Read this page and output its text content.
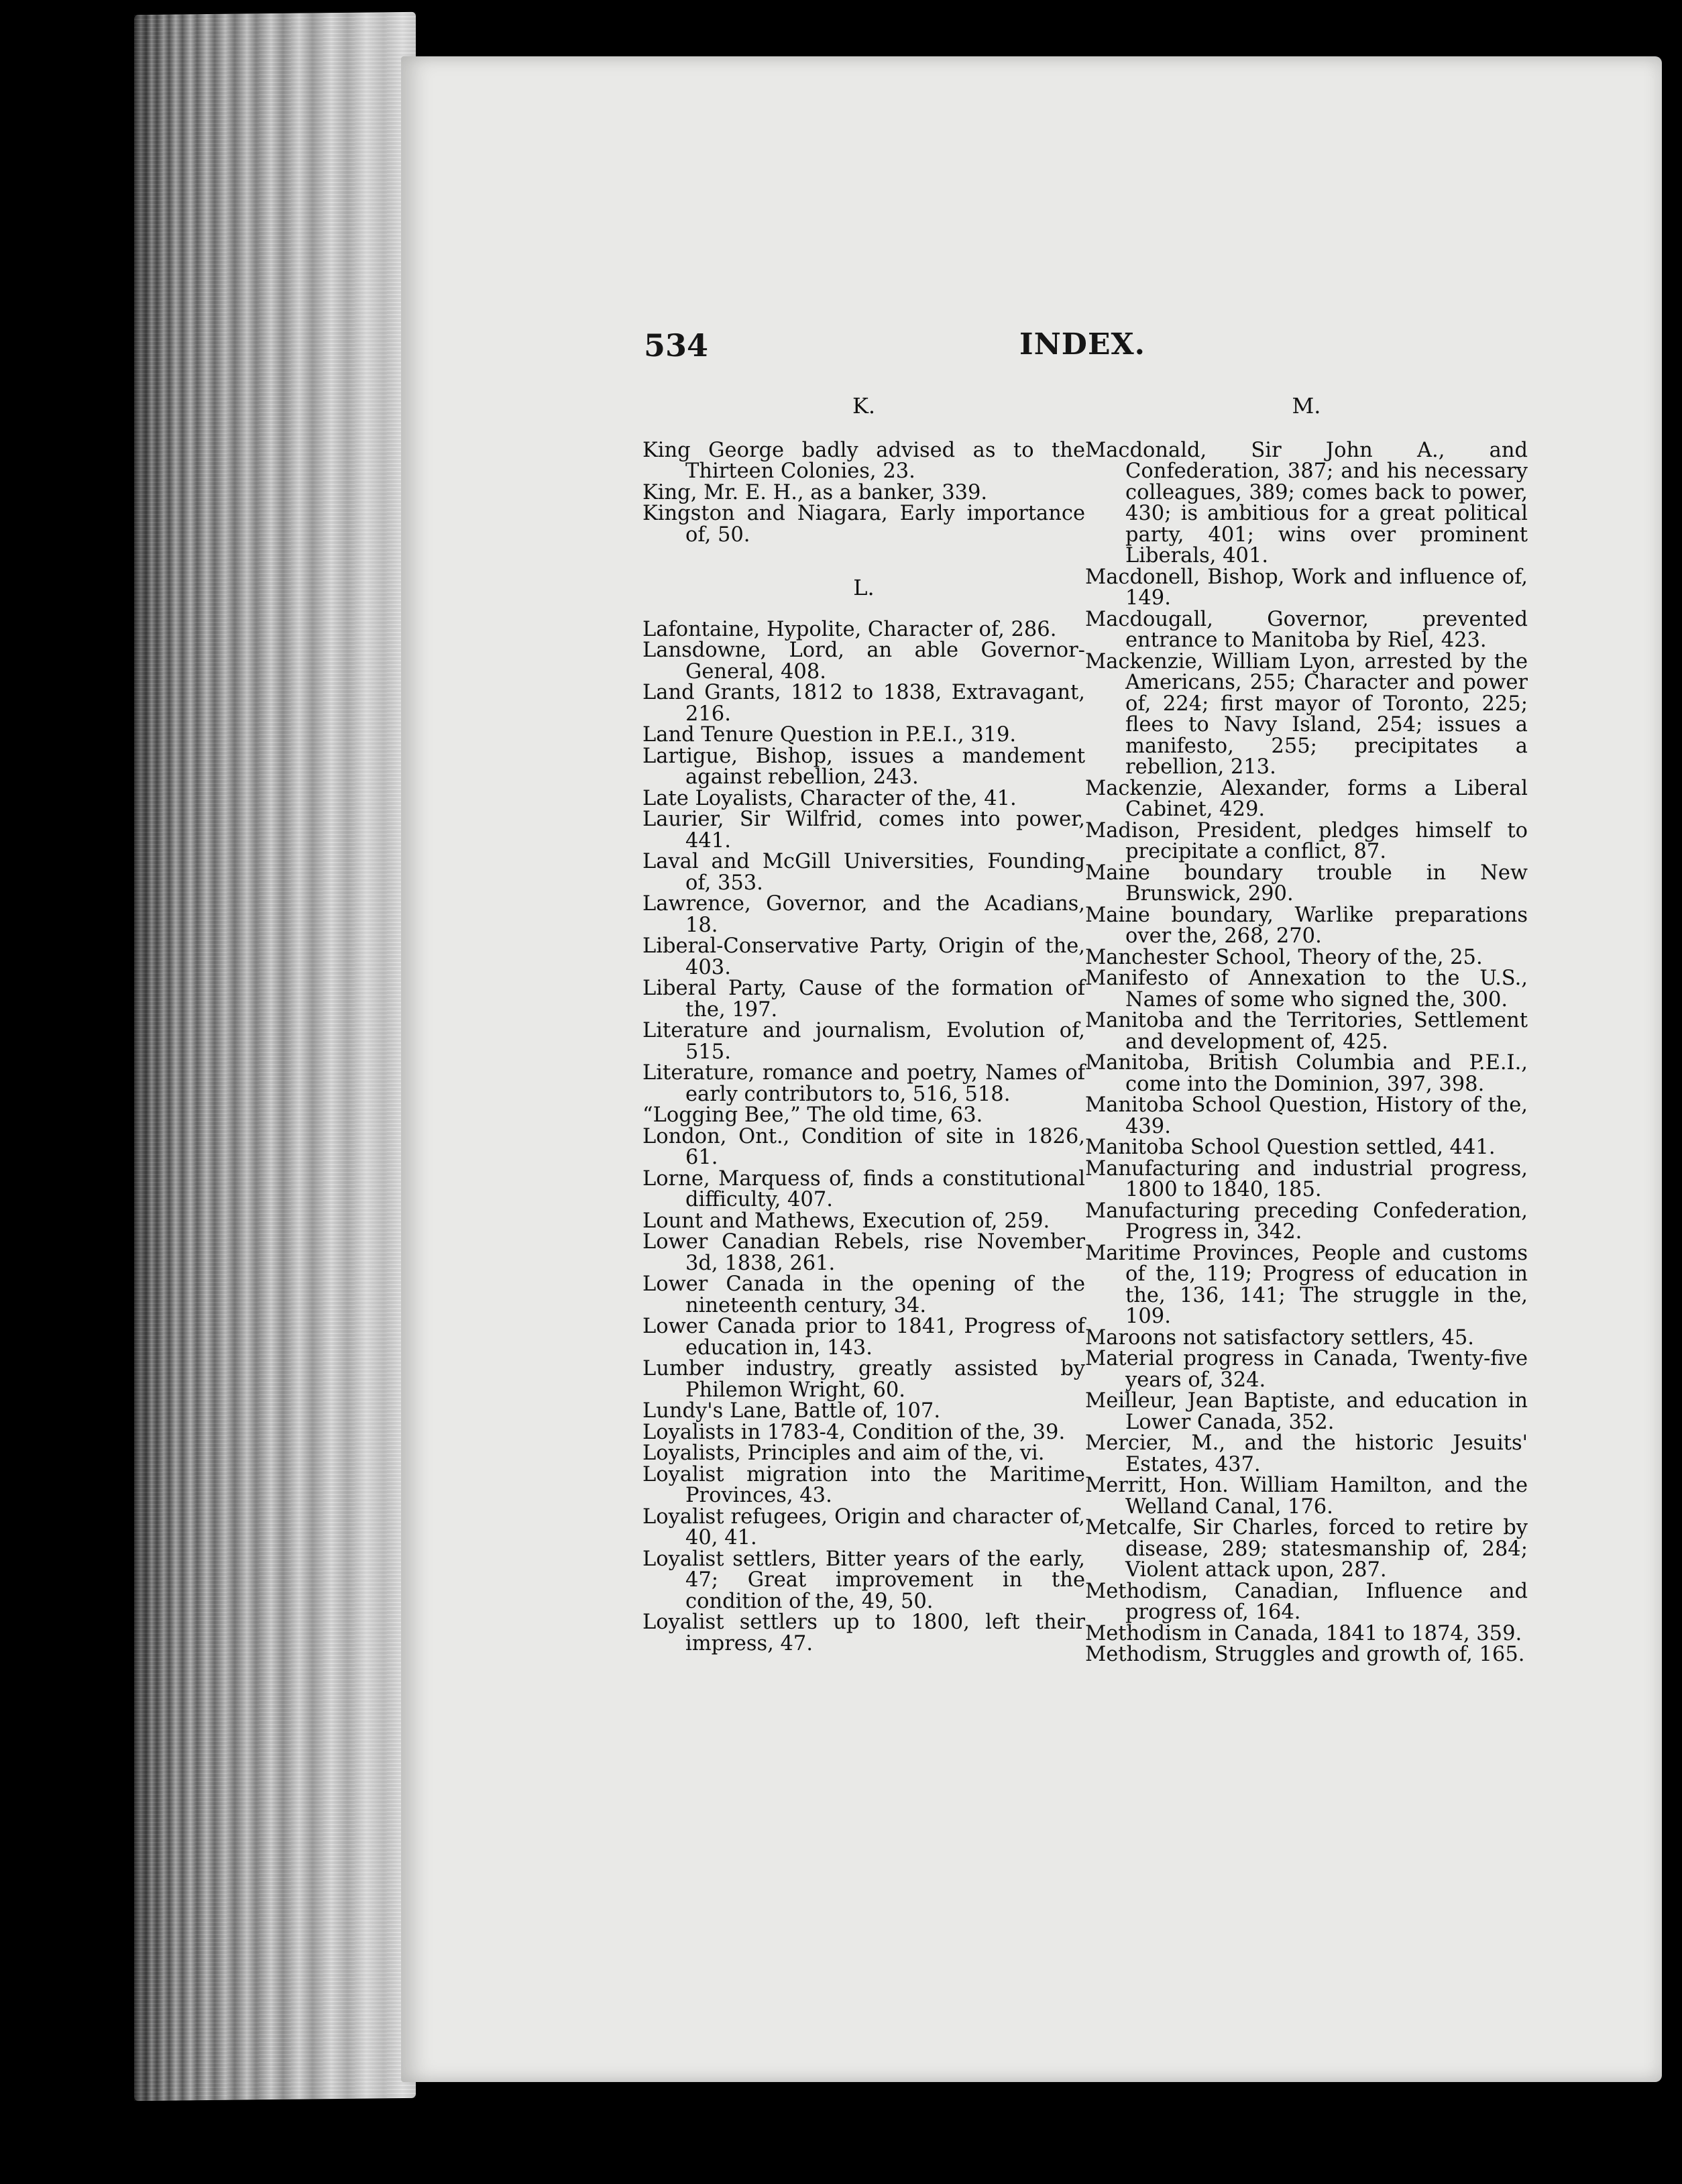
534	INDEX.
K.

King George badly advised as to the Thirteen Colonies, 23.

King, Mr. E. H., as a banker, 339.

Kingston and Niagara, Early importance of, 50.

L.

Lafontaine, Hypolite, Character of, 286.

Lansdowne, Lord, an able Governor-General, 408.

Land Grants, 1812 to 1838, Extravagant, 216.

Land Tenure Question in P.E.I., 319.

Lartigue, Bishop, issues a mandement against rebellion, 243.

Late Loyalists, Character of the, 41.

Laurier, Sir Wilfrid, comes into power, 441.

Laval and McGill Universities, Founding of, 353.

Lawrence, Governor, and the Acadians, 18.

Liberal-Conservative Party, Origin of the, 403.

Liberal Party, Cause of the formation of the, 197.

Literature and journalism, Evolution of, 515.

Literature, romance and poetry, Names of early contributors to, 516, 518.

“Logging Bee,” The old time, 63.

London, Ont., Condition of site in 1826, 61.

Lorne, Marquess of, finds a constitutional difficulty, 407.

Lount and Mathews, Execution of, 259.

Lower Canadian Rebels, rise November 3d, 1838, 261.

Lower Canada in the opening of the nineteenth century, 34.

Lower Canada prior to 1841, Progress of education in, 143.

Lumber industry, greatly assisted by Philemon Wright, 60.

Lundy's Lane, Battle of, 107.

Loyalists in 1783-4, Condition of the, 39.

Loyalists, Principles and aim of the, vi.

Loyalist migration into the Maritime Provinces, 43.

Loyalist refugees, Origin and character of, 40, 41.

Loyalist settlers, Bitter years of the early, 47; Great improvement in the condition of the, 49, 50.

Loyalist settlers up to 1800, left their impress, 47.

M.

Macdonald, Sir John A., and Confederation, 387; and his necessary colleagues, 389; comes back to power, 430; is ambitious for a great political party, 401; wins over prominent Liberals, 401.

Macdonell, Bishop, Work and influence of, 149.

Macdougall, Governor, prevented entrance to Manitoba by Riel, 423.

Mackenzie, William Lyon, arrested by the Americans, 255; Character and power of, 224; first mayor of Toronto, 225; flees to Navy Island, 254; issues a manifesto, 255; precipitates a rebellion, 213.

Mackenzie, Alexander, forms a Liberal Cabinet, 429.

Madison, President, pledges himself to precipitate a conflict, 87.

Maine boundary trouble in New Brunswick, 290.

Maine boundary, Warlike preparations over the, 268, 270.

Manchester School, Theory of the, 25.

Manifesto of Annexation to the U.S., Names of some who signed the, 300.

Manitoba and the Territories, Settlement and development of, 425.

Manitoba, British Columbia and P.E.I., come into the Dominion, 397, 398.

Manitoba School Question, History of the, 439.

Manitoba School Question settled, 441.

Manufacturing and industrial progress, 1800 to 1840, 185.

Manufacturing preceding Confederation, Progress in, 342.

Maritime Provinces, People and customs of the, 119; Progress of education in the, 136, 141; The struggle in the, 109.

Maroons not satisfactory settlers, 45.

Material progress in Canada, Twenty-five years of, 324.

Meilleur, Jean Baptiste, and education in Lower Canada, 352.

Mercier, M., and the historic Jesuits' Estates, 437.

Merritt, Hon. William Hamilton, and the Welland Canal, 176.

Metcalfe, Sir Charles, forced to retire by disease, 289; statesmanship of, 284; Violent attack upon, 287.

Methodism, Canadian, Influence and progress of, 164.

Methodism in Canada, 1841 to 1874, 359.

Methodism, Struggles and growth of, 165.
